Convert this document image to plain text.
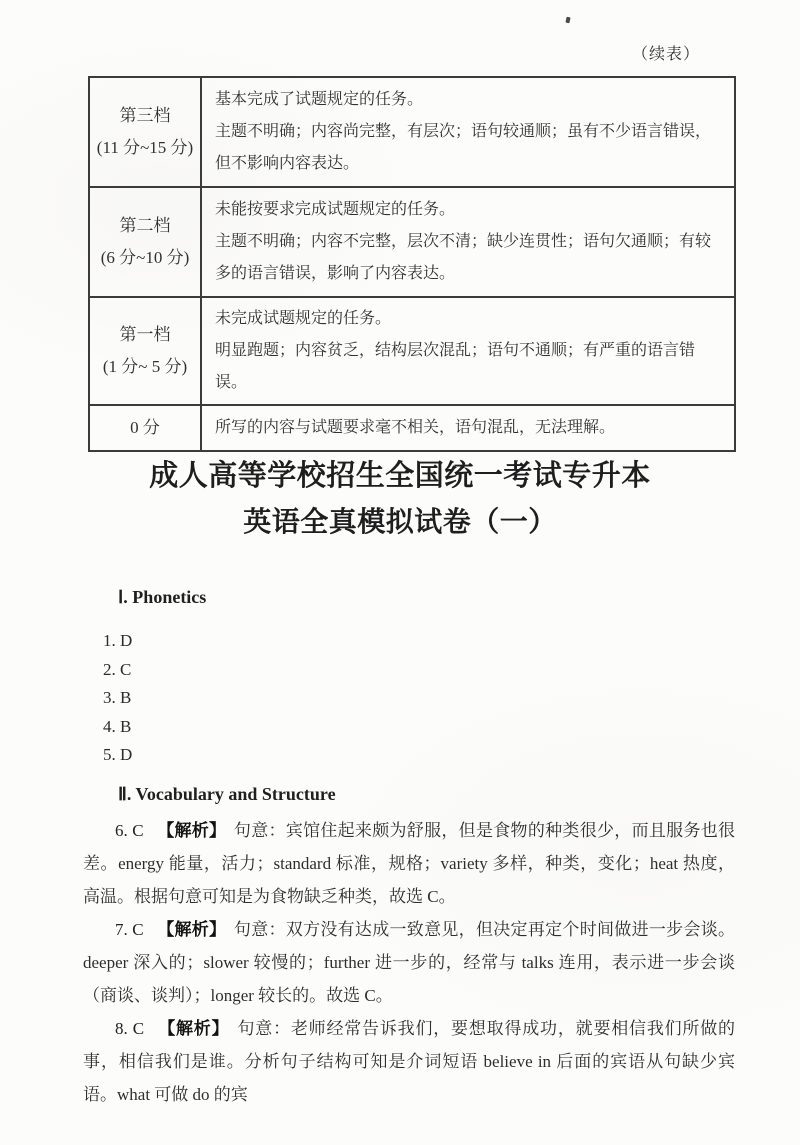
（续表）
第三档
(11 分~15 分)

基本完成了试题规定的任务。

主题不明确；内容尚完整，有层次；语句较通顺；虽有不少语言错误，但不影响内容表达。

第二档
(6 分~10 分)

未能按要求完成试题规定的任务。

主题不明确；内容不完整，层次不清；缺少连贯性；语句欠通顺；有较多的语言错误，影响了内容表达。

第一档
(1 分~ 5 分)

未完成试题规定的任务。

明显跑题；内容贫乏，结构层次混乱；语句不通顺；有严重的语言错误。

0 分	所写的内容与试题要求毫不相关，语句混乱，无法理解。

成人高等学校招生全国统一考试专升本
英语全真模拟试卷（一）
Ⅰ. Phonetics
1. D
2. C
3. B
4. B
5. D
Ⅱ. Vocabulary and Structure

6. C 【解析】 句意：宾馆住起来颇为舒服，但是食物的种类很少，而且服务也很差。energy 能量，活力；standard 标准，规格；variety 多样，种类，变化；heat 热度，高温。根据句意可知是为食物缺乏种类，故选 C。

7. C 【解析】 句意：双方没有达成一致意见，但决定再定个时间做进一步会谈。deeper 深入的；slower 较慢的；further 进一步的，经常与 talks 连用，表示进一步会谈（商谈、谈判）；longer 较长的。故选 C。

8. C 【解析】 句意：老师经常告诉我们，要想取得成功，就要相信我们所做的事，相信我们是谁。分析句子结构可知是介词短语 believe in 后面的宾语从句缺少宾语。what 可做 do 的宾
